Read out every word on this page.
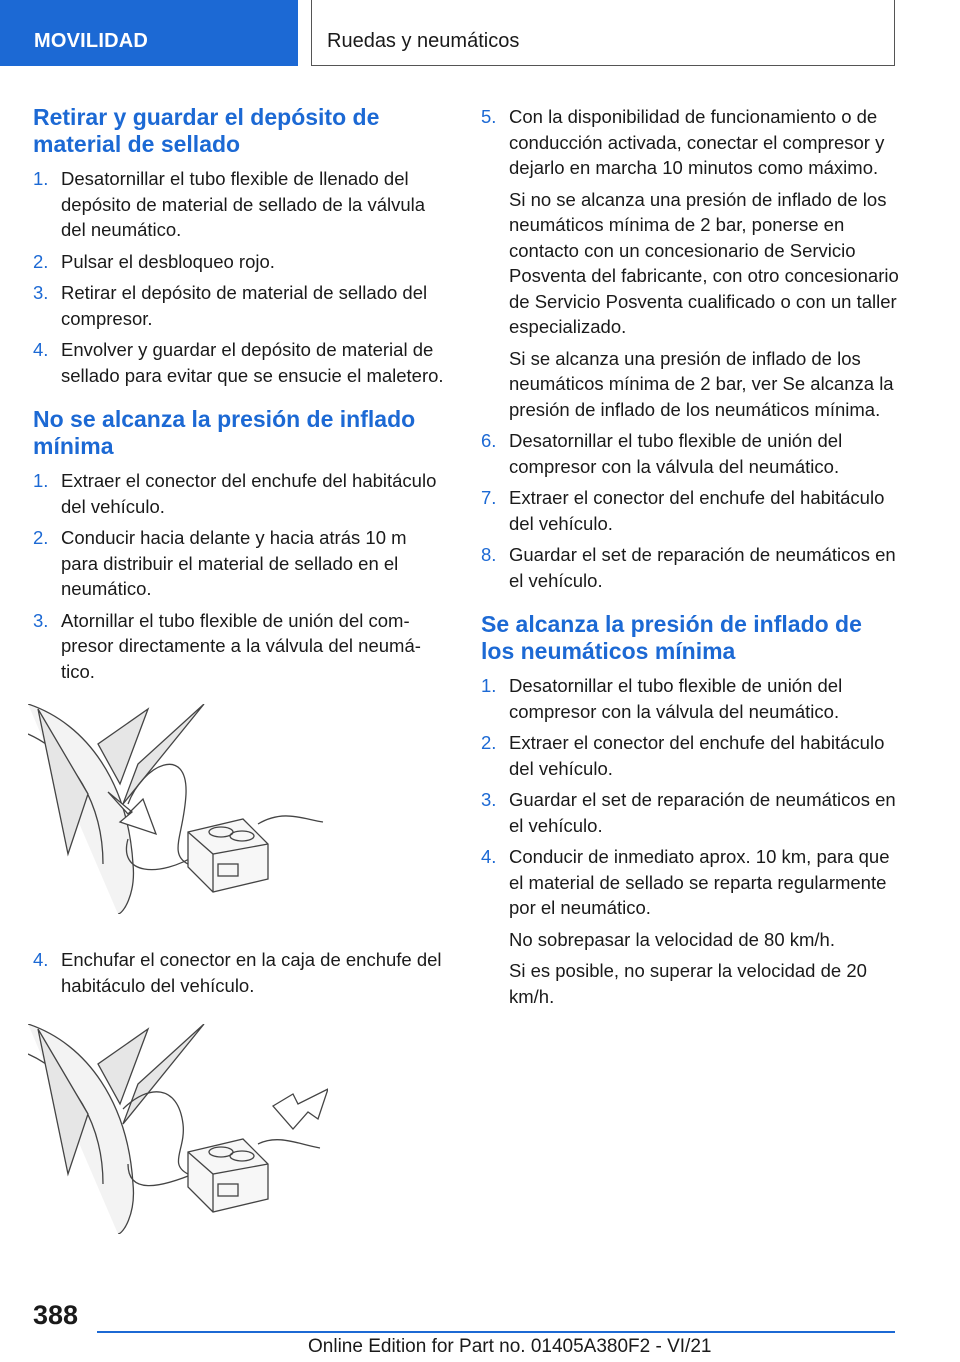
MOVILIDAD	Ruedas y neumáticos
Retirar y guardar el depósito de material de sellado
1. Desatornillar el tubo flexible de llenado del depósito de material de sellado de la válvula del neumático.

2. Pulsar el desbloqueo rojo.

3. Retirar el depósito de material de sellado del compresor.

4. Envolver y guardar el depósito de material de sellado para evitar que se ensucie el maletero.

No se alcanza la presión de inflado mínima
1. Extraer el conector del enchufe del habitáculo del vehículo.

2. Conducir hacia delante y hacia atrás 10 m para distribuir el material de sellado en el neumático.

3. Atornillar el tubo flexible de unión del compresor directamente a la válvula del neumático.

4. Enchufar el conector en la caja de enchufe del habitáculo del vehículo.

5. Con la disponibilidad de funcionamiento o de conducción activada, conectar el compresor y dejarlo en marcha 10 minutos como máximo.

Si no se alcanza una presión de inflado de los neumáticos mínima de 2 bar, ponerse en contacto con un concesionario de Servicio Posventa del fabricante, con otro concesionario de Servicio Posventa cualificado o con un taller especializado.

Si se alcanza una presión de inflado de los neumáticos mínima de 2 bar, ver Se alcanza la presión de inflado de los neumáticos mínima.

6. Desatornillar el tubo flexible de unión del compresor con la válvula del neumático.

7. Extraer el conector del enchufe del habitáculo del vehículo.

8. Guardar el set de reparación de neumáticos en el vehículo.

Se alcanza la presión de inflado de los neumáticos mínima
1. Desatornillar el tubo flexible de unión del compresor con la válvula del neumático.

2. Extraer el conector del enchufe del habitáculo del vehículo.

3. Guardar el set de reparación de neumáticos en el vehículo.

4. Conducir de inmediato aprox. 10 km, para que el material de sellado se reparta regularmente por el neumático.

No sobrepasar la velocidad de 80 km/h.

Si es posible, no superar la velocidad de 20 km/h.

388
Online Edition for Part no. 01405A380F2 - VI/21
